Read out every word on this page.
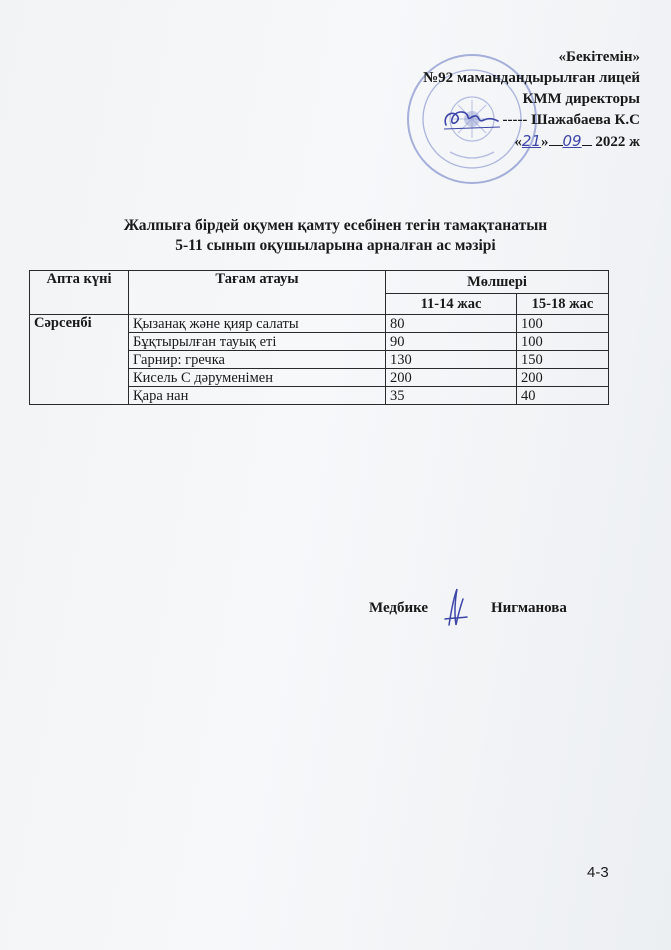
«Бекітемін»
№92 мамандандырылған лицей
КММ директоры
----- Шажабаева К.С
«21» 09 2022 ж
Жалпыға бірдей оқумен қамту есебінен тегін тамақтанатын
5-11 сынып оқушыларына арналған ас мәзірі
Апта күні	Тағам атауы	Мөлшері	
		11-14 жас	15-18 жас
Сәрсенбі	Қызанақ және қияр салаты	80	100
	Бұқтырылған тауық еті	90	100
	Гарнир: гречка	130	150
	Кисель С дәруменімен	200	200
	Қара нан	35	40
Медбике	Нигманова
4-3
